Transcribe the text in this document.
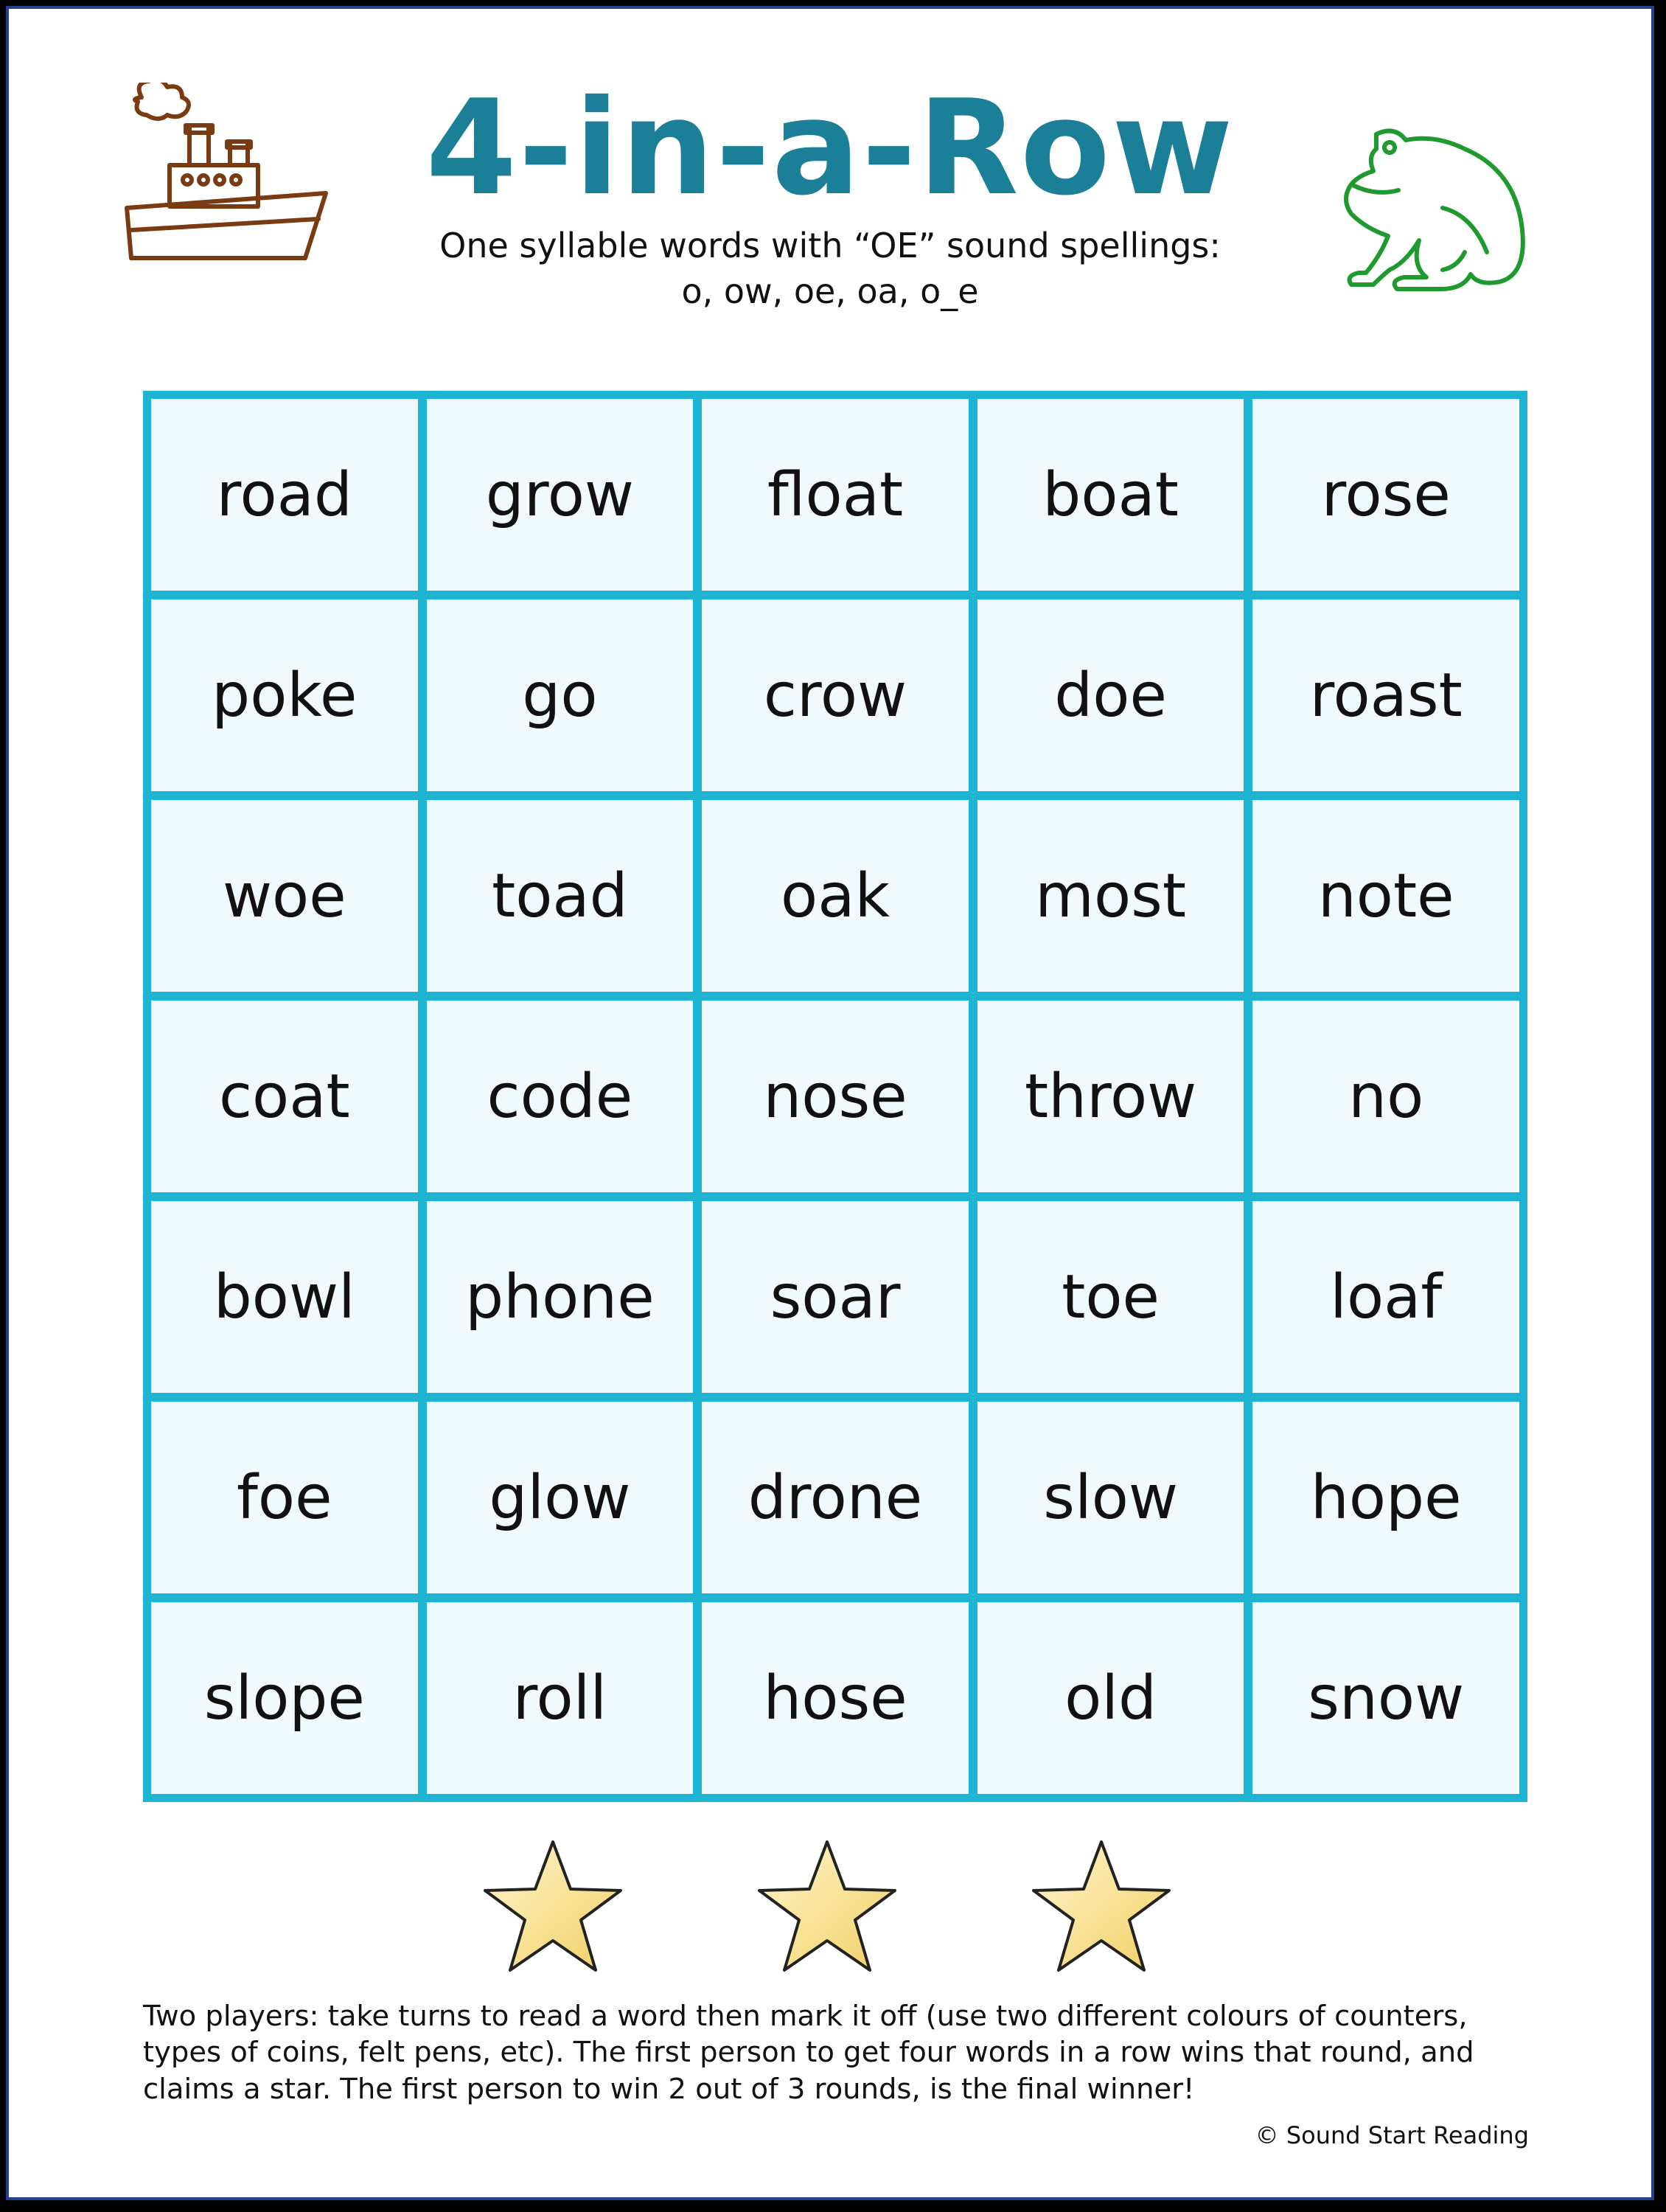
4-in-a-Row
One syllable words with “OE” sound spellings:
o, ow, oe, oa, o_e
road	grow	float	boat	rose
poke	go	crow	doe	roast
woe	toad	oak	most	note
coat	code	nose	throw	no
bowl	phone	soar	toe	loaf
foe	glow	drone	slow	hope
slope	roll	hose	old	snow
Two players: take turns to read a word then mark it off (use two different colours of counters, types of coins, felt pens, etc). The first person to get four words in a row wins that round, and claims a star. The first person to win 2 out of 3 rounds, is the final winner!
© Sound Start Reading
